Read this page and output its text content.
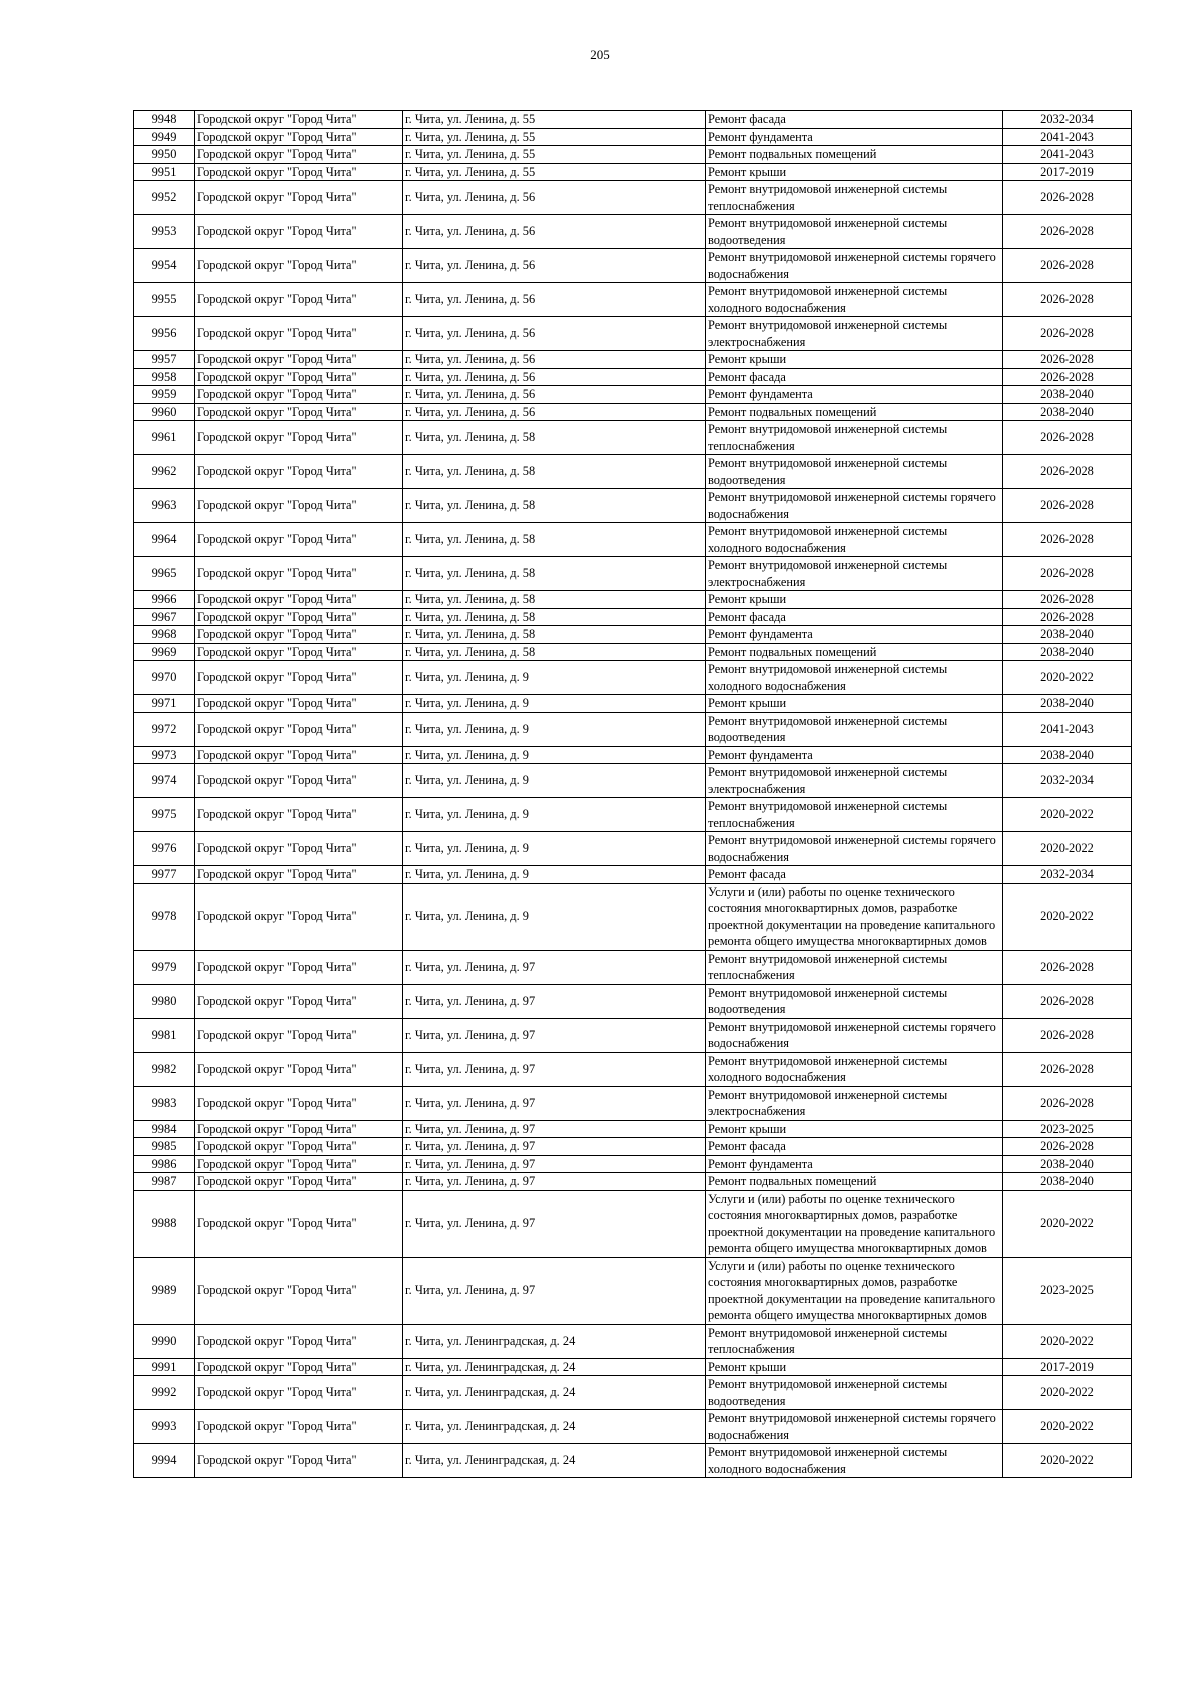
205
9948	Городской округ "Город Чита"	г. Чита, ул. Ленина, д. 55	Ремонт фасада	2032-2034
9949	Городской округ "Город Чита"	г. Чита, ул. Ленина, д. 55	Ремонт фундамента	2041-2043
9950	Городской округ "Город Чита"	г. Чита, ул. Ленина, д. 55	Ремонт подвальных помещений	2041-2043
9951	Городской округ "Город Чита"	г. Чита, ул. Ленина, д. 55	Ремонт крыши	2017-2019
9952	Городской округ "Город Чита"	г. Чита, ул. Ленина, д. 56	Ремонт внутридомовой инженерной системы теплоснабжения	2026-2028
9953	Городской округ "Город Чита"	г. Чита, ул. Ленина, д. 56	Ремонт внутридомовой инженерной системы водоотведения	2026-2028
9954	Городской округ "Город Чита"	г. Чита, ул. Ленина, д. 56	Ремонт внутридомовой инженерной системы горячего водоснабжения	2026-2028
9955	Городской округ "Город Чита"	г. Чита, ул. Ленина, д. 56	Ремонт внутридомовой инженерной системы холодного водоснабжения	2026-2028
9956	Городской округ "Город Чита"	г. Чита, ул. Ленина, д. 56	Ремонт внутридомовой инженерной системы электроснабжения	2026-2028
9957	Городской округ "Город Чита"	г. Чита, ул. Ленина, д. 56	Ремонт крыши	2026-2028
9958	Городской округ "Город Чита"	г. Чита, ул. Ленина, д. 56	Ремонт фасада	2026-2028
9959	Городской округ "Город Чита"	г. Чита, ул. Ленина, д. 56	Ремонт фундамента	2038-2040
9960	Городской округ "Город Чита"	г. Чита, ул. Ленина, д. 56	Ремонт подвальных помещений	2038-2040
9961	Городской округ "Город Чита"	г. Чита, ул. Ленина, д. 58	Ремонт внутридомовой инженерной системы теплоснабжения	2026-2028
9962	Городской округ "Город Чита"	г. Чита, ул. Ленина, д. 58	Ремонт внутридомовой инженерной системы водоотведения	2026-2028
9963	Городской округ "Город Чита"	г. Чита, ул. Ленина, д. 58	Ремонт внутридомовой инженерной системы горячего водоснабжения	2026-2028
9964	Городской округ "Город Чита"	г. Чита, ул. Ленина, д. 58	Ремонт внутридомовой инженерной системы холодного водоснабжения	2026-2028
9965	Городской округ "Город Чита"	г. Чита, ул. Ленина, д. 58	Ремонт внутридомовой инженерной системы электроснабжения	2026-2028
9966	Городской округ "Город Чита"	г. Чита, ул. Ленина, д. 58	Ремонт крыши	2026-2028
9967	Городской округ "Город Чита"	г. Чита, ул. Ленина, д. 58	Ремонт фасада	2026-2028
9968	Городской округ "Город Чита"	г. Чита, ул. Ленина, д. 58	Ремонт фундамента	2038-2040
9969	Городской округ "Город Чита"	г. Чита, ул. Ленина, д. 58	Ремонт подвальных помещений	2038-2040
9970	Городской округ "Город Чита"	г. Чита, ул. Ленина, д. 9	Ремонт внутридомовой инженерной системы холодного водоснабжения	2020-2022
9971	Городской округ "Город Чита"	г. Чита, ул. Ленина, д. 9	Ремонт крыши	2038-2040
9972	Городской округ "Город Чита"	г. Чита, ул. Ленина, д. 9	Ремонт внутридомовой инженерной системы водоотведения	2041-2043
9973	Городской округ "Город Чита"	г. Чита, ул. Ленина, д. 9	Ремонт фундамента	2038-2040
9974	Городской округ "Город Чита"	г. Чита, ул. Ленина, д. 9	Ремонт внутридомовой инженерной системы электроснабжения	2032-2034
9975	Городской округ "Город Чита"	г. Чита, ул. Ленина, д. 9	Ремонт внутридомовой инженерной системы теплоснабжения	2020-2022
9976	Городской округ "Город Чита"	г. Чита, ул. Ленина, д. 9	Ремонт внутридомовой инженерной системы горячего водоснабжения	2020-2022
9977	Городской округ "Город Чита"	г. Чита, ул. Ленина, д. 9	Ремонт фасада	2032-2034
9978	Городской округ "Город Чита"	г. Чита, ул. Ленина, д. 9	Услуги и (или) работы по оценке технического состояния многоквартирных домов, разработке проектной документации на проведение капитального ремонта общего имущества многоквартирных домов	2020-2022
9979	Городской округ "Город Чита"	г. Чита, ул. Ленина, д. 97	Ремонт внутридомовой инженерной системы теплоснабжения	2026-2028
9980	Городской округ "Город Чита"	г. Чита, ул. Ленина, д. 97	Ремонт внутридомовой инженерной системы водоотведения	2026-2028
9981	Городской округ "Город Чита"	г. Чита, ул. Ленина, д. 97	Ремонт внутридомовой инженерной системы горячего водоснабжения	2026-2028
9982	Городской округ "Город Чита"	г. Чита, ул. Ленина, д. 97	Ремонт внутридомовой инженерной системы холодного водоснабжения	2026-2028
9983	Городской округ "Город Чита"	г. Чита, ул. Ленина, д. 97	Ремонт внутридомовой инженерной системы электроснабжения	2026-2028
9984	Городской округ "Город Чита"	г. Чита, ул. Ленина, д. 97	Ремонт крыши	2023-2025
9985	Городской округ "Город Чита"	г. Чита, ул. Ленина, д. 97	Ремонт фасада	2026-2028
9986	Городской округ "Город Чита"	г. Чита, ул. Ленина, д. 97	Ремонт фундамента	2038-2040
9987	Городской округ "Город Чита"	г. Чита, ул. Ленина, д. 97	Ремонт подвальных помещений	2038-2040
9988	Городской округ "Город Чита"	г. Чита, ул. Ленина, д. 97	Услуги и (или) работы по оценке технического состояния многоквартирных домов, разработке проектной документации на проведение капитального ремонта общего имущества многоквартирных домов	2020-2022
9989	Городской округ "Город Чита"	г. Чита, ул. Ленина, д. 97	Услуги и (или) работы по оценке технического состояния многоквартирных домов, разработке проектной документации на проведение капитального ремонта общего имущества многоквартирных домов	2023-2025
9990	Городской округ "Город Чита"	г. Чита, ул. Ленинградская, д. 24	Ремонт внутридомовой инженерной системы теплоснабжения	2020-2022
9991	Городской округ "Город Чита"	г. Чита, ул. Ленинградская, д. 24	Ремонт крыши	2017-2019
9992	Городской округ "Город Чита"	г. Чита, ул. Ленинградская, д. 24	Ремонт внутридомовой инженерной системы водоотведения	2020-2022
9993	Городской округ "Город Чита"	г. Чита, ул. Ленинградская, д. 24	Ремонт внутридомовой инженерной системы горячего водоснабжения	2020-2022
9994	Городской округ "Город Чита"	г. Чита, ул. Ленинградская, д. 24	Ремонт внутридомовой инженерной системы холодного водоснабжения	2020-2022
